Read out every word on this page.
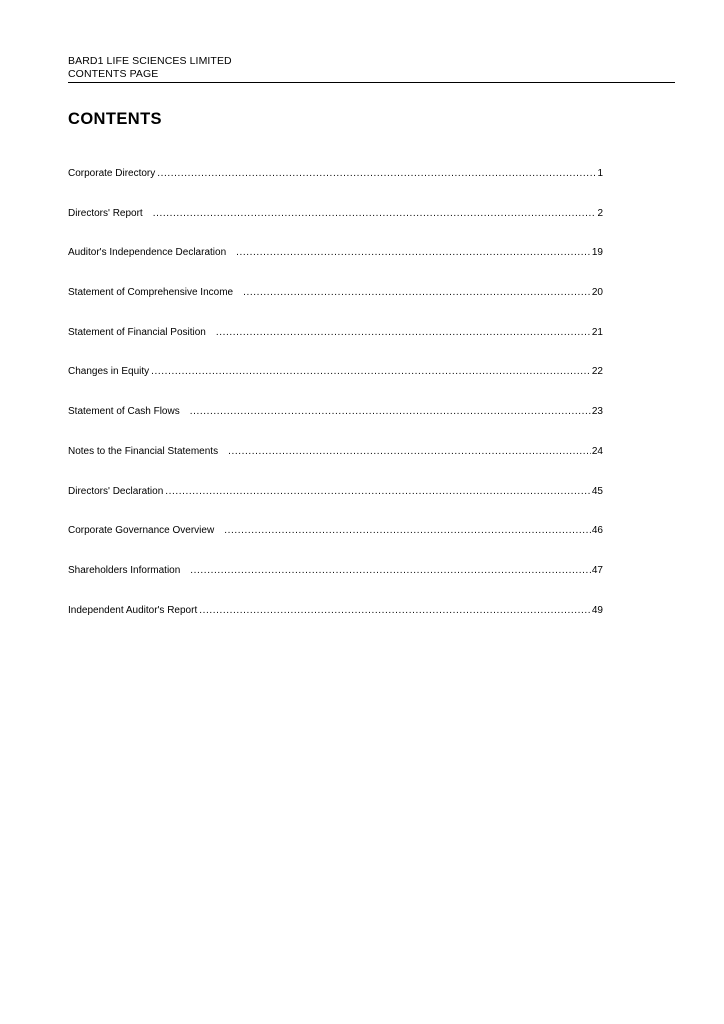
BARD1 LIFE SCIENCES LIMITED
CONTENTS PAGE
CONTENTS
Corporate Directory .....	1
Directors' Report .....	2
Auditor's Independence Declaration .....	19
Statement of Comprehensive Income .....	20
Statement of Financial Position .....	21
Changes in Equity .....	22
Statement of Cash Flows .....	23
Notes to the Financial Statements .....	24
Directors' Declaration .....	45
Corporate Governance Overview .....	46
Shareholders Information .....	47
Independent Auditor's Report .....	49
